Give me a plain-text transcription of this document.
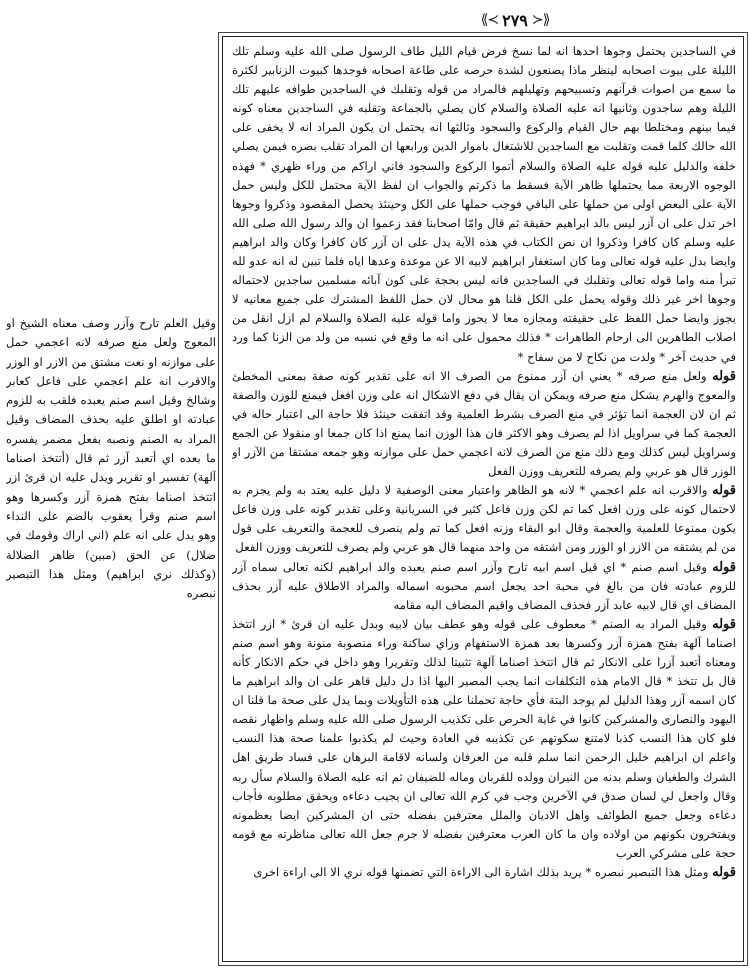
⟪≺ ٢٧٩ ≻⟫

في الساجدين يحتمل وجوها احدها انه لما نسخ فرض قيام الليل طاف الرسول صلى الله عليه وسلم تلك الليلة على بيوت اصحابه لينظر ماذا يصنعون لشدة حرصه على طاعة اصحابه فوجدها كبيوت الزنابير لكثرة ما سمع من اصوات قرآنهم وتسبيحهم وتهليلهم فالمراد من قوله وتقلبك في الساجدين طوافه عليهم تلك الليلة وهم ساجدون وثانيها انه عليه الصلاة والسلام كان يصلي بالجماعة وتقلبه في الساجدين معناه كونه فيما بينهم ومختلطا بهم حال القيام والركوع والسجود وثالثها انه يحتمل ان يكون المراد انه لا يخفى على الله حالك كلما قمت وتقلبت مع الساجدين للاشتغال باموار الدين ورابعها ان المراد تقلب بصره فيمن يصلي خلفه والدليل عليه قوله عليه الصلاة والسلام أتموا الركوع والسجود فاني اراكم من وراء ظهري * فهذه الوجوه الاربعة مما يحتملها ظاهر الآية فسقط ما ذكرتم والجواب ان لفظ الآية محتمل للكل وليس حمل الآية على البعض اولى من حملها على الباقي فوجب حملها على الكل وحينئذ يحصل المقصود وذكروا وجوها اخر تدل على ان آزر ليس بالد ابراهيم حقيقة ثم قال وامّا اصحابنا فقد زعموا ان والد رسول الله صلى الله عليه وسلم كان كافرا وذكروا ان نص الكتاب في هذه الآية يدل على ان آزر كان كافرا وكان والد ابراهيم وايضا بدل عليه قوله تعالى وما كان استغفار ابراهيم لابيه الا عن موعدة وعدها اياه فلما تبين له انه عدو لله تبرأ منه واما قوله تعالى وتقلبك في الساجدين فانه ليس بحجة على كون آبائه مسلمين ساجدين لاحتماله وجوها اخر غير ذلك وقوله يحمل على الكل قلنا هو محال لان حمل اللفظ المشترك على جميع معانيه لا يجوز وايضا حمل اللفظ على حقيقته ومجازه معا لا يجوز واما قوله عليه الصلاة والسلام لم ازل انقل من اصلاب الطاهرين الى ارحام الطاهرات * فذلك محمول على انه ما وقع في نسبه من ولد من الزنا كما ورد في حديث آخر * ولدت من نكاح لا من سفاح *

قوله ولعل منع صرفه * يعني ان آزر ممنوع من الصرف الا انه على تقدير كونه صفة بمعنى المخطئ والمعوج والهرم يشكل منع صرفه ويمكن ان يقال في دفع الاشكال انه على وزن افعل فيمنع للوزن والصفة ثم ان لان العجمة انما تؤثر في منع الصرف بشرط العلمية وقد اتفقت حينئذ فلا حاجة الى اعتبار حاله في العجمة كما في سراويل اذا لم يصرف وهو الاكثر فان هذا الوزن انما يمنع اذا كان جمعا او منقولا عن الجمع وسراويل ليس كذلك ومع ذلك منع من الصرف لانه اعجمي حمل على موازنه وهو جمعه مشتقا من الآزر او الوزر قال هو عربي ولم يصرفه للتعريف ووزن الفعل

قوله والاقرب انه علم اعجمي * لانه هو الظاهر واعتبار معنى الوصفية لا دليل عليه يعتد به ولم يجزم به لاحتمال كونه على وزن افعل كما تم لكن وزن فاعل كثير في السريانية وعلى تقدير كونه على وزن فاعل يكون ممنوعا للعلمية والعجمة وقال ابو البقاء وزنه افعل كما تم ولم ينصرف للعجمة والتعريف على قول من لم يشتقه من الازر او الوزر ومن اشتقه من واحد منهما قال هو عربي ولم يصرف للتعريف ووزن الفعل

قوله وقيل اسم صنم * اي قيل اسم ابيه تارح وآزر اسم صنم يعبده والد ابراهيم لكنه تعالى سماه آزر للزوم عبادته فان من بالغ في محبة احد يجعل اسم محبوبه اسماله والمراد الاطلاق عليه آزر بحذف المضاف اي قال لابيه عابد آزر فحذف المضاف واقيم المضاف اليه مقامه

قوله وقيل المراد به الصنم * معطوف على قوله وهو عطف بيان لابيه وبدل عليه ان قرئ * ازر اتتخذ اصناما آلهة بفتح همزة آزر وكسرها بعد همزة الاستفهام وزاي ساكنة وراء منصوبة منونة وهو اسم صنم ومعناه أتعبد آزرا على الانكار ثم قال اتتخذ اصناما آلهة تثبيتا لذلك وتقريرا وهو داخل في حكم الانكار كأنه قال بل تتخذ * قال الامام هذه التكلفات انما يجب المصير اليها اذا دل دليل قاهر على ان والد ابراهيم ما كان اسمه آزر وهذا الدليل لم يوجد البتة فأي حاجة تحملنا على هذه التأويلات وبما يدل على صحة ما قلنا ان اليهود والنصارى والمشركين كانوا في غاية الحرص على تكذيب الرسول صلى الله عليه وسلم واظهار نقصه فلو كان هذا النسب كذبا لامتنع سكوتهم عن تكذيبه في العادة وحيث لم يكذبوا علمنا صحة هذا النسب واعلم ان ابراهيم خليل الرحمن انما سلم قلبه من العرفان ولسانه لاقامة البرهان على فساد طريق اهل الشرك والطغيان وسلم بدنه من النيران وولده للقربان وماله للضيفان ثم انه عليه الصلاة والسلام سأل ربه وقال واجعل لي لسان صدق في الآخرين وجب في كرم الله تعالى ان يجيب دعاءه ويحقق مطلوبه فأجاب دعاءه وجعل جميع الطوائف واهل الاديان والملل معترفين بفضله حتى ان المشركين ايضا يعظمونه ويفتخرون بكونهم من اولاده وان ما كان العرب معترفين بفضله لا جرم جعل الله تعالى مناظرته مع قومه حجة على مشركي العرب

قوله ومثل هذا التبصير نبصره * يريد بذلك اشارة الى الاراءة التي تضمنها قوله نري الا الى اراءة اخرى

وقيل العلم تارح وآزر وصف معناه الشيخ او المعوج ولعل منع صرفه لانه اعجمي حمل على موازنه او نعت مشتق من الازر او الوزر والاقرب انه علم اعجمي على فاعل كعابر وشالخ وقيل اسم صنم يعبده فلقب به للزوم عبادته او اطلق عليه بحذف المضاف وقيل المراد به الصنم ونصبه بفعل مضمر يفسره ما بعده اي أتعبد آزر ثم قال (أتتخذ اصناما آلهة) تفسير او تقرير ويدل عليه ان قرئ ازر اتتخذ اصناما بفتح همزة آزر وكسرها وهو اسم صنم وقرأ يعقوب بالضم على النداء وهو يدل على انه علم (اني اراك وقومك في ضلال) عن الحق (مبين) ظاهر الضلالة (وكذلك نري ابراهيم) ومثل هذا التبصير نبصره
